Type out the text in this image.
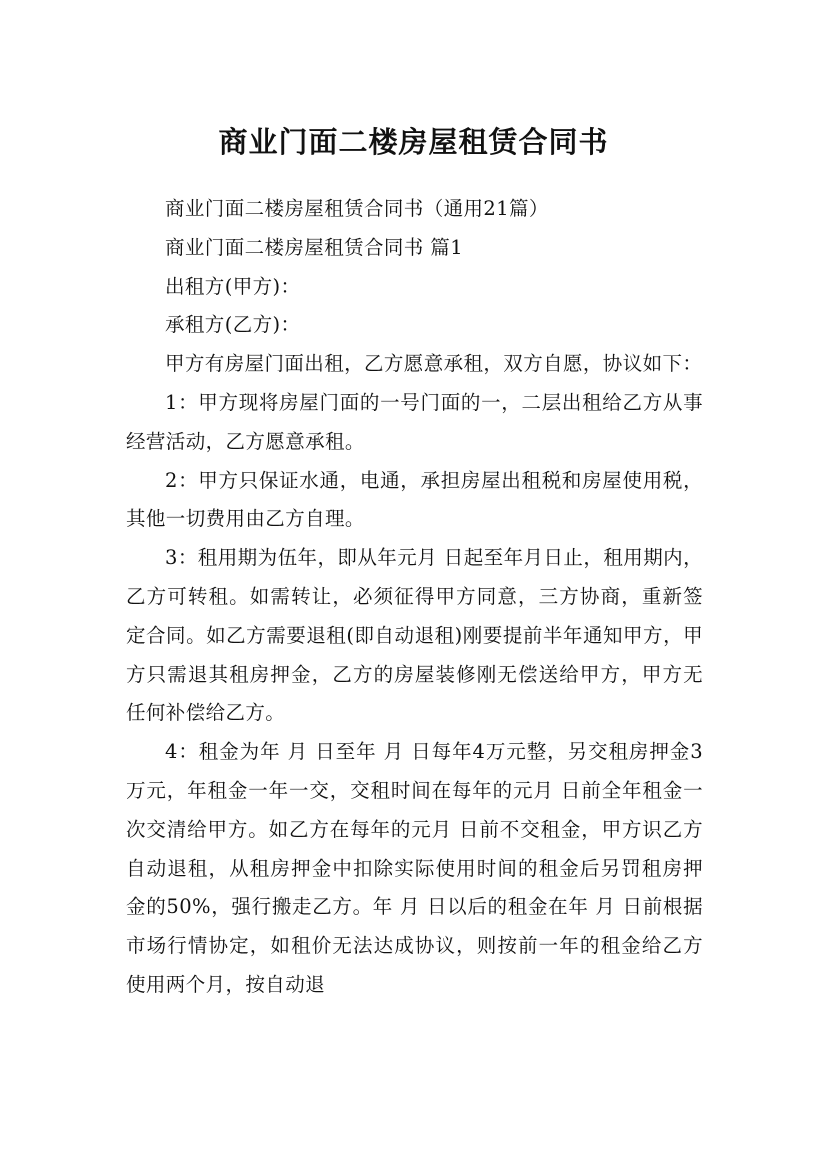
商业门面二楼房屋租赁合同书

商业门面二楼房屋租赁合同书（通用21篇）

商业门面二楼房屋租赁合同书 篇1

出租方(甲方)：

承租方(乙方)：

甲方有房屋门面出租，乙方愿意承租，双方自愿，协议如下：

1：甲方现将房屋门面的一号门面的一，二层出租给乙方从事经营活动，乙方愿意承租。

2：甲方只保证水通，电通，承担房屋出租税和房屋使用税，其他一切费用由乙方自理。

3：租用期为伍年，即从年元月 日起至年月日止，租用期内，乙方可转租。如需转让，必须征得甲方同意，三方协商，重新签定合同。如乙方需要退租(即自动退租)刚要提前半年通知甲方，甲方只需退其租房押金，乙方的房屋装修刚无偿送给甲方，甲方无任何补偿给乙方。

4：租金为年 月 日至年 月 日每年4万元整，另交租房押金3万元，年租金一年一交，交租时间在每年的元月 日前全年租金一次交清给甲方。如乙方在每年的元月 日前不交租金，甲方识乙方自动退租，从租房押金中扣除实际使用时间的租金后另罚租房押金的50%，强行搬走乙方。年 月 日以后的租金在年 月 日前根据市场行情协定，如租价无法达成协议，则按前一年的租金给乙方使用两个月，按自动退
